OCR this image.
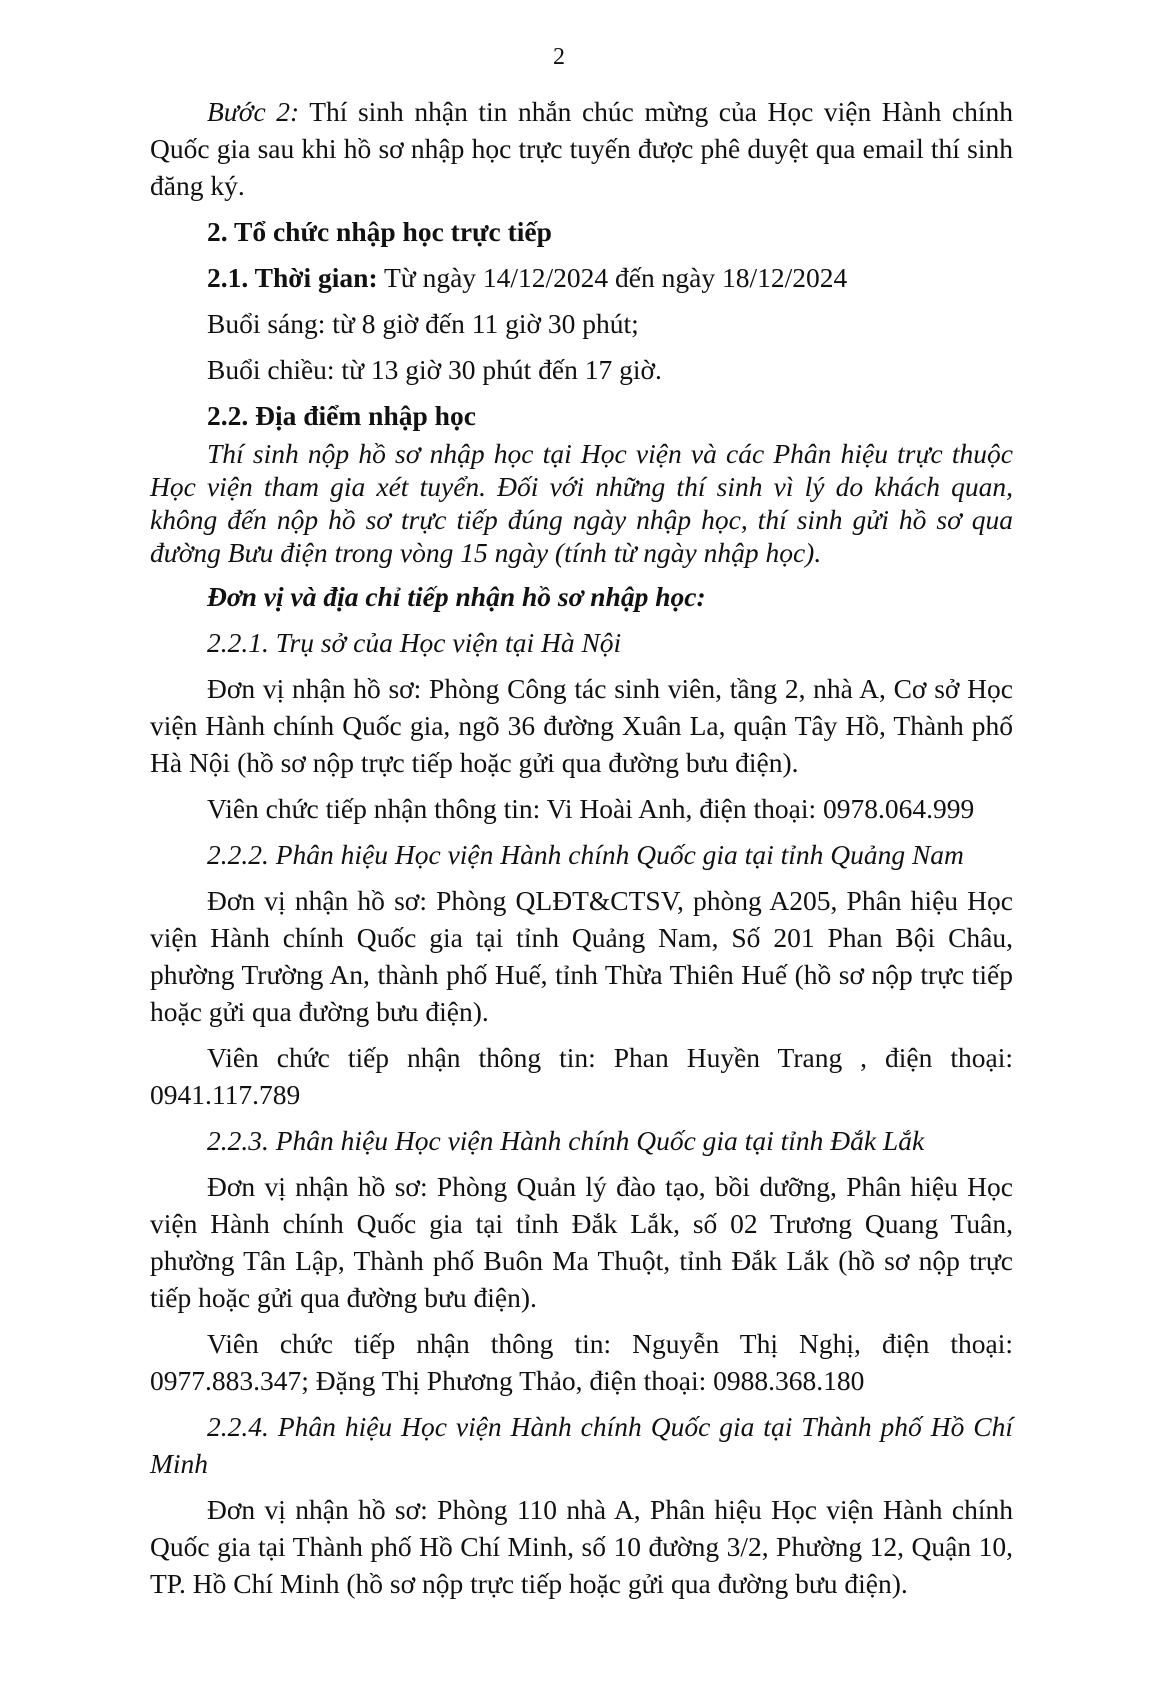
2

Bước 2: Thí sinh nhận tin nhắn chúc mừng của Học viện Hành chính Quốc gia sau khi hồ sơ nhập học trực tuyến được phê duyệt qua email thí sinh đăng ký.

2. Tổ chức nhập học trực tiếp

2.1. Thời gian: Từ ngày 14/12/2024 đến ngày 18/12/2024

Buổi sáng: từ 8 giờ đến 11 giờ 30 phút;

Buổi chiều: từ 13 giờ 30 phút đến 17 giờ.

2.2. Địa điểm nhập học

Thí sinh nộp hồ sơ nhập học tại Học viện và các Phân hiệu trực thuộc Học viện tham gia xét tuyển. Đối với những thí sinh vì lý do khách quan, không đến nộp hồ sơ trực tiếp đúng ngày nhập học, thí sinh gửi hồ sơ qua đường Bưu điện trong vòng 15 ngày (tính từ ngày nhập học).

Đơn vị và địa chỉ tiếp nhận hồ sơ nhập học:

2.2.1. Trụ sở của Học viện tại Hà Nội

Đơn vị nhận hồ sơ: Phòng Công tác sinh viên, tầng 2, nhà A, Cơ sở Học viện Hành chính Quốc gia, ngõ 36 đường Xuân La, quận Tây Hồ, Thành phố Hà Nội (hồ sơ nộp trực tiếp hoặc gửi qua đường bưu điện).

Viên chức tiếp nhận thông tin: Vi Hoài Anh, điện thoại: 0978.064.999

2.2.2. Phân hiệu Học viện Hành chính Quốc gia tại tỉnh Quảng Nam

Đơn vị nhận hồ sơ: Phòng QLĐT&CTSV, phòng A205, Phân hiệu Học viện Hành chính Quốc gia tại tỉnh Quảng Nam, Số 201 Phan Bội Châu, phường Trường An, thành phố Huế, tỉnh Thừa Thiên Huế (hồ sơ nộp trực tiếp hoặc gửi qua đường bưu điện).

Viên chức tiếp nhận thông tin: Phan Huyền Trang , điện thoại: 0941.117.789

2.2.3. Phân hiệu Học viện Hành chính Quốc gia tại tỉnh Đắk Lắk

Đơn vị nhận hồ sơ: Phòng Quản lý đào tạo, bồi dưỡng, Phân hiệu Học viện Hành chính Quốc gia tại tỉnh Đắk Lắk, số 02 Trương Quang Tuân, phường Tân Lập, Thành phố Buôn Ma Thuột, tỉnh Đắk Lắk (hồ sơ nộp trực tiếp hoặc gửi qua đường bưu điện).

Viên chức tiếp nhận thông tin: Nguyễn Thị Nghị, điện thoại: 0977.883.347; Đặng Thị Phương Thảo, điện thoại: 0988.368.180

2.2.4. Phân hiệu Học viện Hành chính Quốc gia tại Thành phố Hồ Chí Minh

Đơn vị nhận hồ sơ: Phòng 110 nhà A, Phân hiệu Học viện Hành chính Quốc gia tại Thành phố Hồ Chí Minh, số 10 đường 3/2, Phường 12, Quận 10, TP. Hồ Chí Minh (hồ sơ nộp trực tiếp hoặc gửi qua đường bưu điện).
